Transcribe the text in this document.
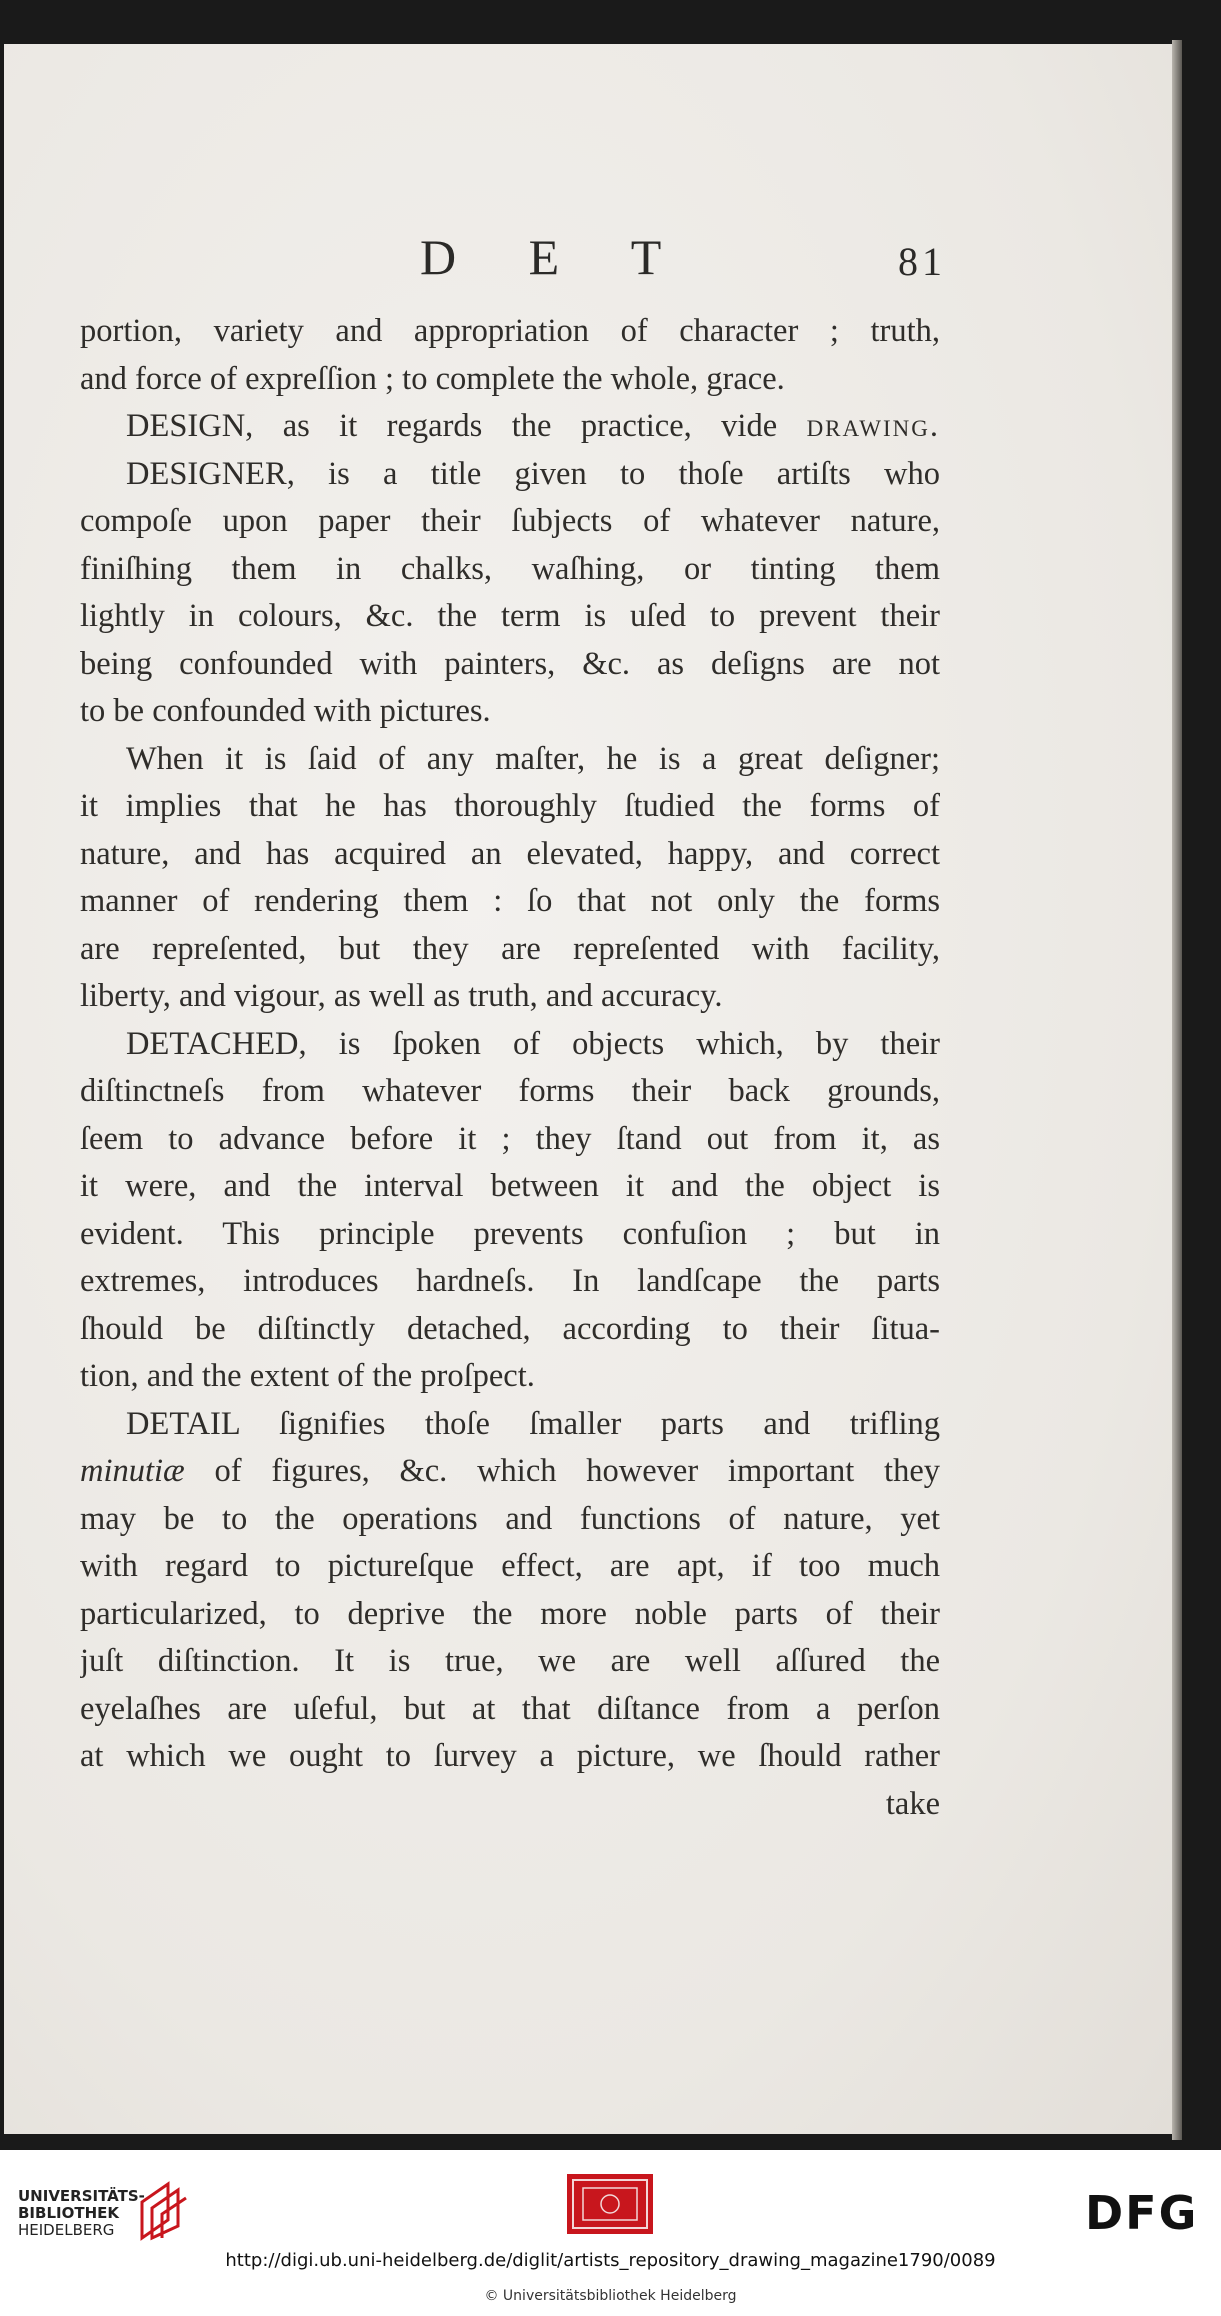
D E T	81
portion, variety and appropriation of character ; truth,
and force of expreſſion ; to complete the whole, grace.
DESIGN, as it regards the practice, vide drawing.
DESIGNER, is a title given to thoſe artiſts who
compoſe upon paper their ſubjects of whatever nature,
finiſhing them in chalks, waſhing, or tinting them
lightly in colours, &c. the term is uſed to prevent their
being confounded with painters, &c. as deſigns are not
to be confounded with pictures.
When it is ſaid of any maſter, he is a great deſigner;
it implies that he has thoroughly ſtudied the forms of
nature, and has acquired an elevated, happy, and correct
manner of rendering them : ſo that not only the forms
are repreſented, but they are repreſented with facility,
liberty, and vigour, as well as truth, and accuracy.
DETACHED, is ſpoken of objects which, by their
diſtinctneſs from whatever forms their back grounds,
ſeem to advance before it ; they ſtand out from it, as
it were, and the interval between it and the object is
evident. This principle prevents confuſion ; but in
extremes, introduces hardneſs. In landſcape the parts
ſhould be diſtinctly detached, according to their ſitua-
tion, and the extent of the proſpect.
DETAIL ſignifies thoſe ſmaller parts and trifling
minutiæ of figures, &c. which however important they
may be to the operations and functions of nature, yet
with regard to pictureſque effect, are apt, if too much
particularized, to deprive the more noble parts of their
juſt diſtinction. It is true, we are well aſſured the
eyelaſhes are uſeful, but at that diſtance from a perſon
at which we ought to ſurvey a picture, we ſhould rather
take
UNIVERSITÄTS-
BIBLIOTHEK
HEIDELBERG	DFG
http://digi.ub.uni-heidelberg.de/diglit/artists_repository_drawing_magazine1790/0089
© Universitätsbibliothek Heidelberg
